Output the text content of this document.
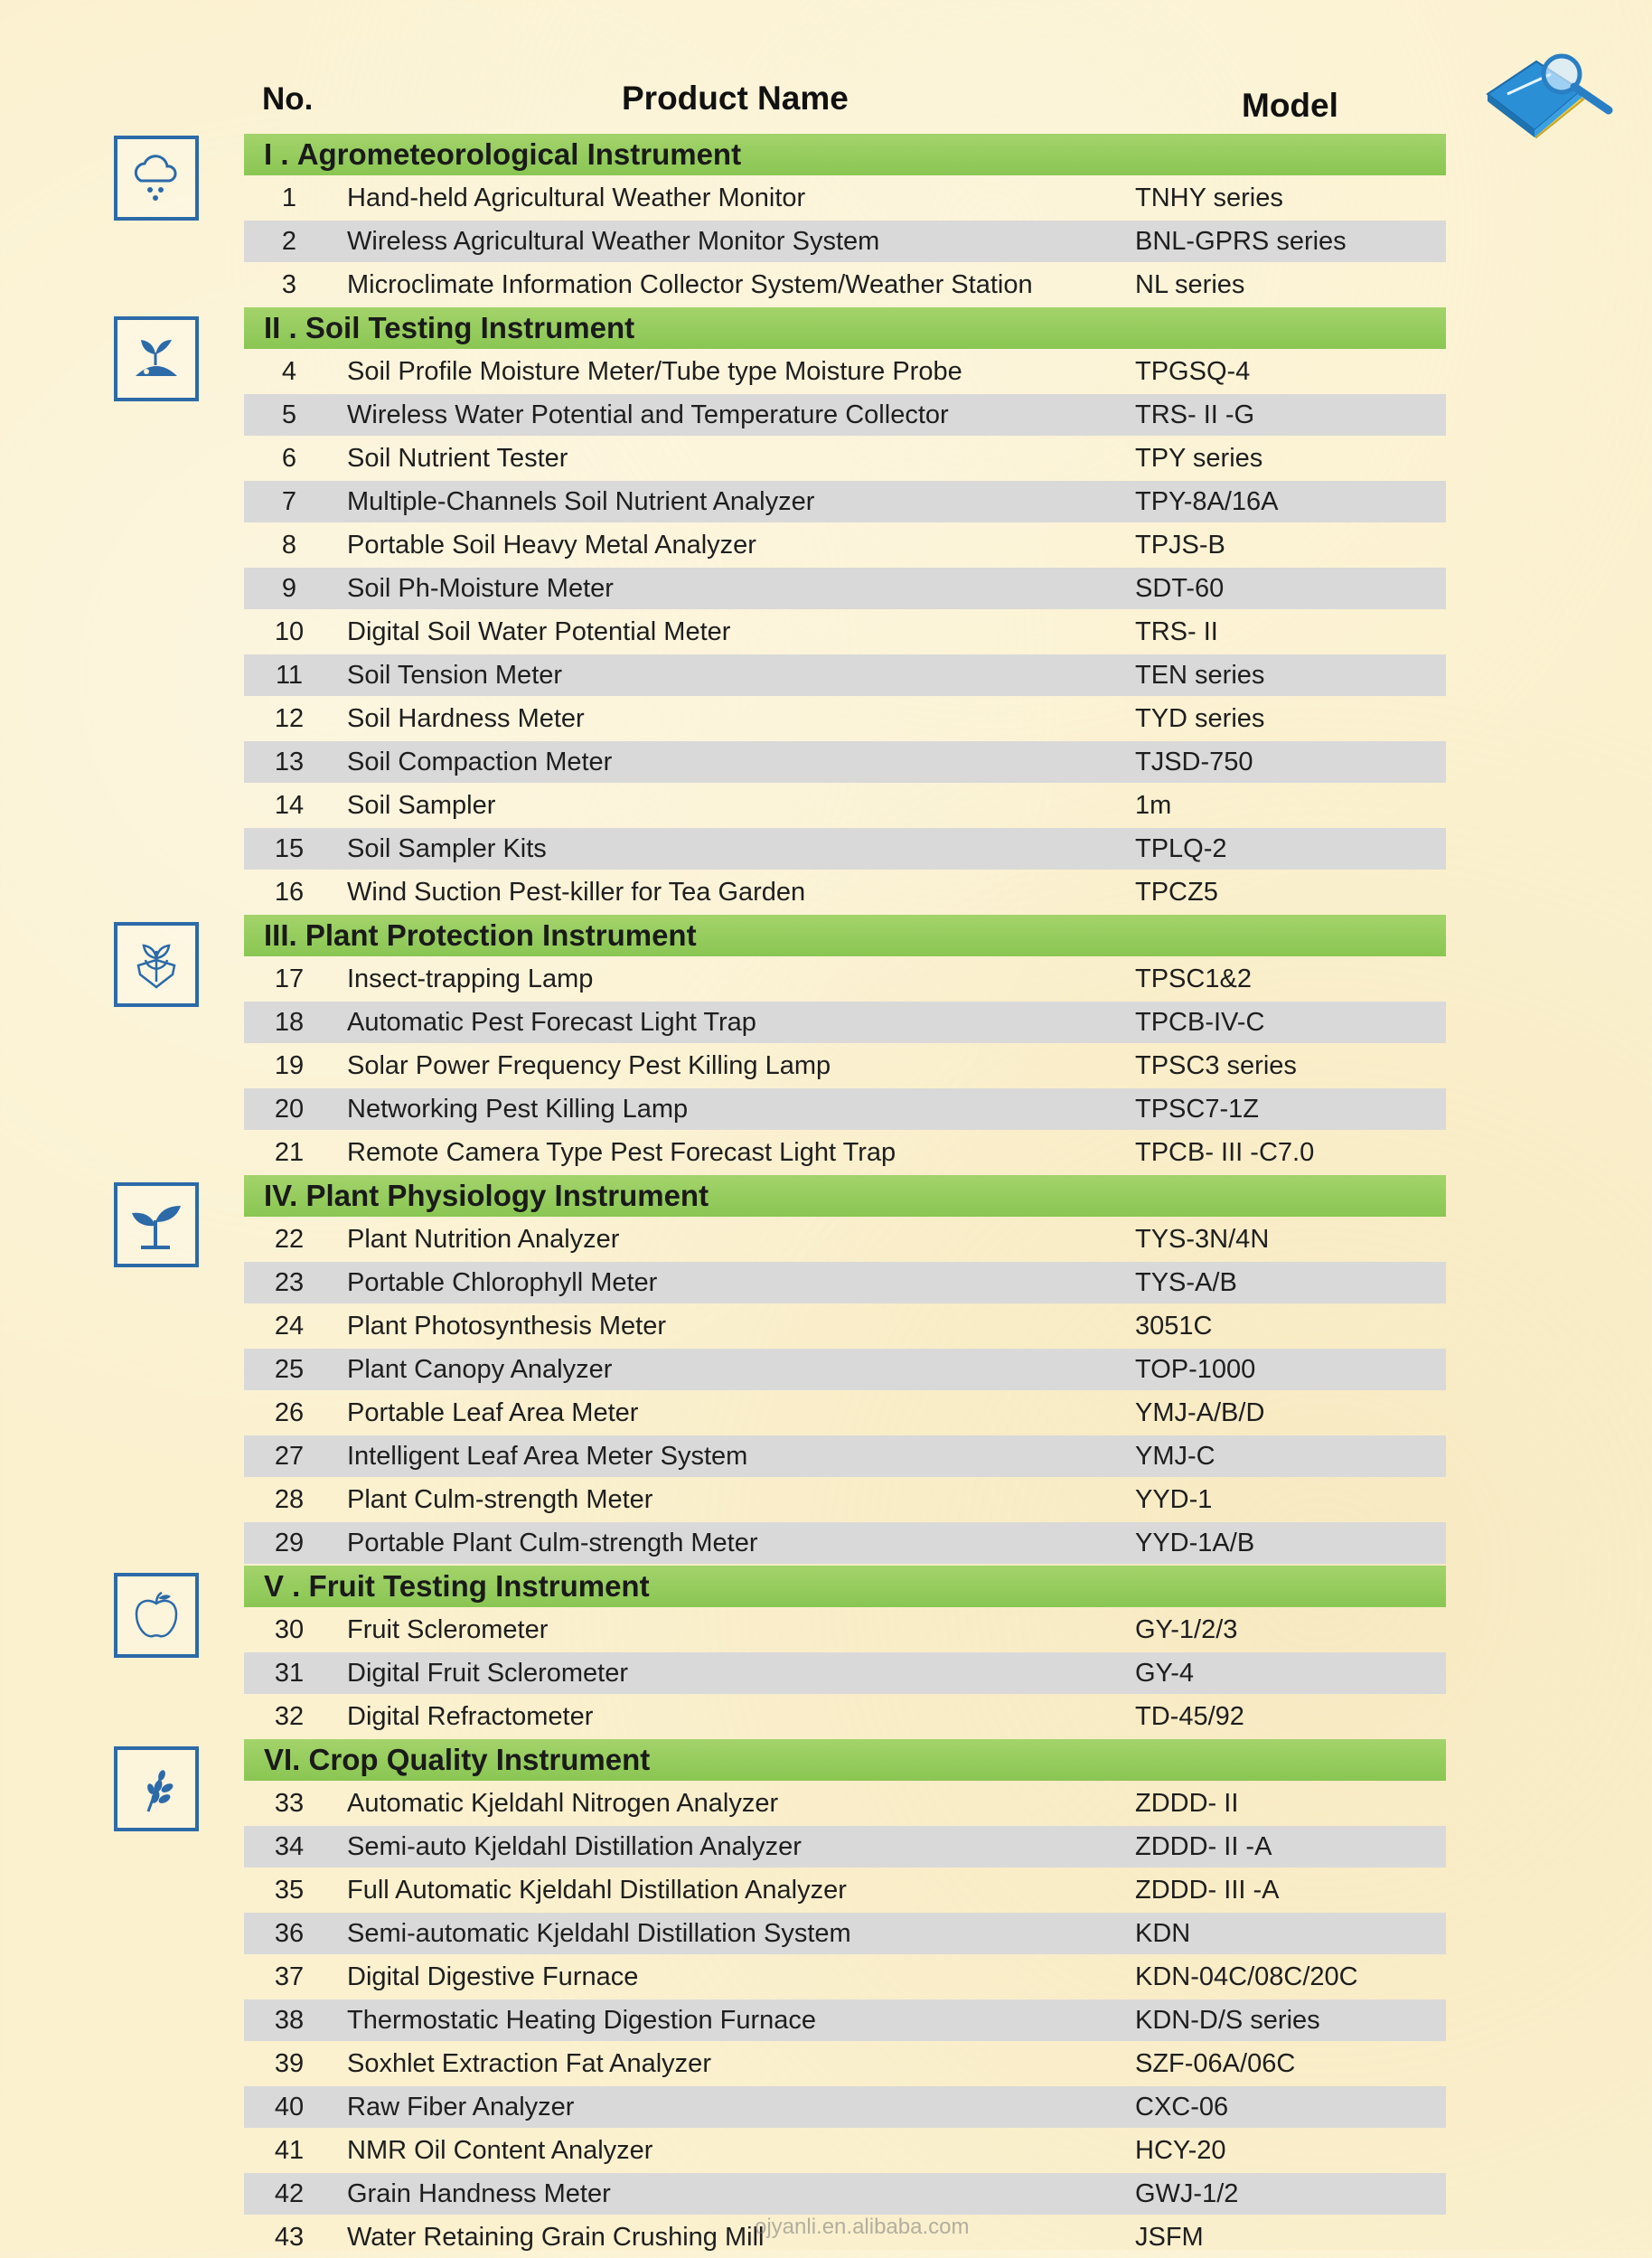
No.	Product Name	Model
I .
Agrometeorological Instrument
1	Hand-held Agricultural Weather Monitor	TNHY series
2	Wireless Agricultural Weather Monitor System	BNL-GPRS series
3	Microclimate Information Collector System/Weather Station	NL series
II .
Soil Testing Instrument
4	Soil Profile Moisture Meter/Tube type Moisture Probe	TPGSQ-4
5	Wireless Water Potential and Temperature Collector	TRS- II -G
6	Soil Nutrient Tester	TPY series
7	Multiple-Channels Soil Nutrient Analyzer	TPY-8A/16A
8	Portable Soil Heavy Metal Analyzer	TPJS-B
9	Soil Ph-Moisture Meter	SDT-60
10	Digital Soil Water Potential Meter	TRS- II
11	Soil Tension Meter	TEN series
12	Soil Hardness Meter	TYD series
13	Soil Compaction Meter	TJSD-750
14	Soil Sampler	1m
15	Soil Sampler Kits	TPLQ-2
16	Wind Suction Pest-killer for Tea Garden	TPCZ5
III.
Plant Protection Instrument
17	Insect-trapping Lamp	TPSC1&2
18	Automatic Pest Forecast Light Trap	TPCB-IV-C
19	Solar Power Frequency Pest Killing Lamp	TPSC3 series
20	Networking Pest Killing Lamp	TPSC7-1Z
21	Remote Camera Type Pest Forecast Light Trap	TPCB- III -C7.0
IV.
Plant Physiology Instrument
22	Plant Nutrition Analyzer	TYS-3N/4N
23	Portable Chlorophyll Meter	TYS-A/B
24	Plant Photosynthesis Meter	3051C
25	Plant Canopy Analyzer	TOP-1000
26	Portable Leaf Area Meter	YMJ-A/B/D
27	Intelligent Leaf Area Meter System	YMJ-C
28	Plant Culm-strength Meter	YYD-1
29	Portable Plant Culm-strength Meter	YYD-1A/B
V .
Fruit Testing Instrument
30	Fruit Sclerometer	GY-1/2/3
31	Digital Fruit Sclerometer	GY-4
32	Digital Refractometer	TD-45/92
VI.
Crop Quality Instrument
33	Automatic Kjeldahl Nitrogen Analyzer	ZDDD- II
34	Semi-auto Kjeldahl Distillation Analyzer	ZDDD- II -A
35	Full Automatic Kjeldahl Distillation Analyzer	ZDDD- III -A
36	Semi-automatic Kjeldahl Distillation System	KDN
37	Digital Digestive Furnace	KDN-04C/08C/20C
38	Thermostatic Heating Digestion Furnace	KDN-D/S series
39	Soxhlet Extraction Fat Analyzer	SZF-06A/06C
40	Raw Fiber Analyzer	CXC-06
41	NMR Oil Content Analyzer	HCY-20
42	Grain Handness Meter	GWJ-1/2
43	Water Retaining Grain Crushing Mill	JSFM
ojyanli.en.alibaba.com
